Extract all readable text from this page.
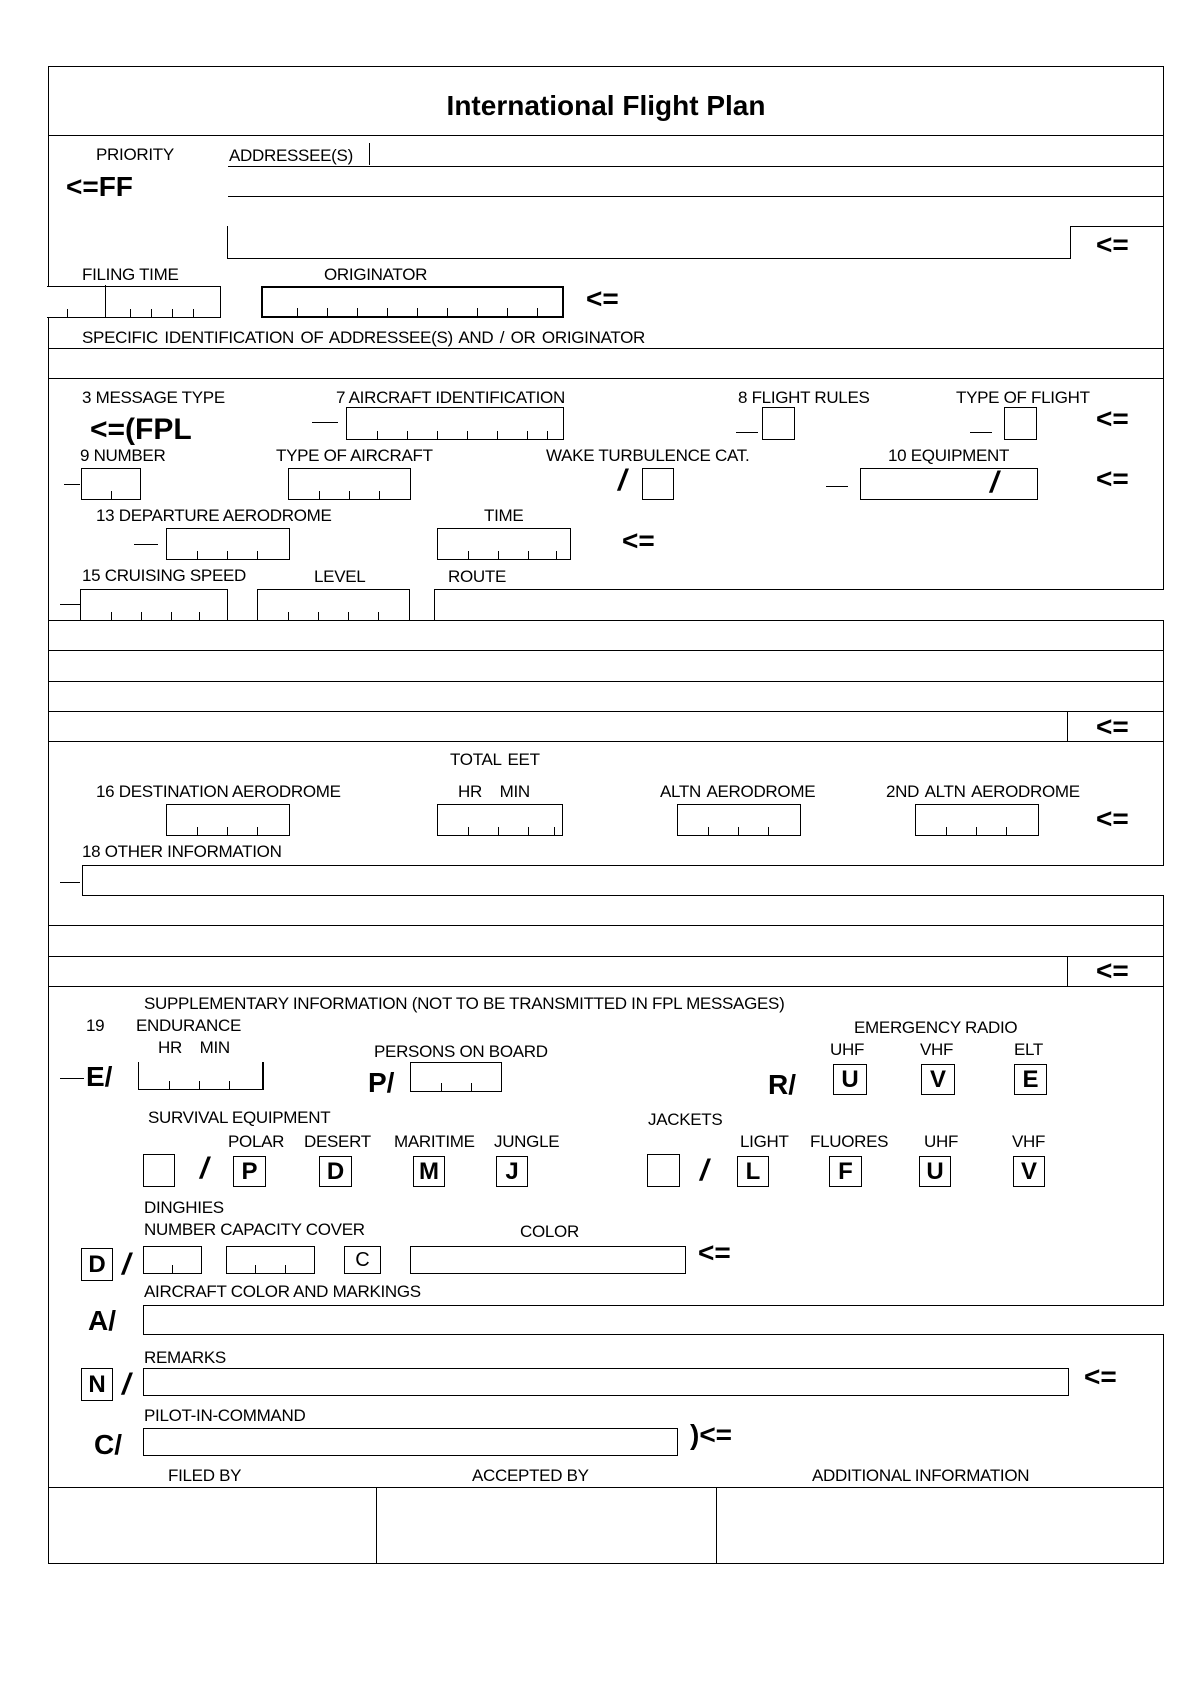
International Flight Plan
PRIORITY
<=FF
ADDRESSEE(S)
<=
FILING TIME	ORIGINATOR
<=
SPECIFIC IDENTIFICATION OF ADDRESSEE(S) AND / OR ORIGINATOR
3 MESSAGE TYPE
<=(FPL
7 AIRCRAFT IDENTIFICATION	8 FLIGHT RULES	TYPE OF FLIGHT
<=
9 NUMBER	TYPE OF AIRCRAFT	WAKE TURBULENCE CAT.
/
10 EQUIPMENT
/	<=
13 DEPARTURE AERODROME	TIME
<=
15 CRUISING SPEED	LEVEL	ROUTE
<=
TOTAL EET
16 DESTINATION AERODROME	HR    MIN	ALTN AERODROME	2ND ALTN AERODROME
<=
18 OTHER INFORMATION
<=
SUPPLEMENTARY INFORMATION (NOT TO BE TRANSMITTED IN FPL MESSAGES)
19 ENDURANCE
HR    MIN
E/
PERSONS ON BOARD
P/
EMERGENCY RADIO
UHF	VHF	ELT
R/	U	V	E
SURVIVAL EQUIPMENT
POLAR DESERT MARITIME JUNGLE
/	P	D	M	J
JACKETS
LIGHT FLUORES UHF	VHF
/	L	F	U	V
DINGHIES
NUMBER CAPACITY COVER	COLOR
D /	C	<=
AIRCRAFT COLOR AND MARKINGS
A/
REMARKS
N /	<=
PILOT-IN-COMMAND
C/	)<=
FILED BY	ACCEPTED BY	ADDITIONAL INFORMATION
